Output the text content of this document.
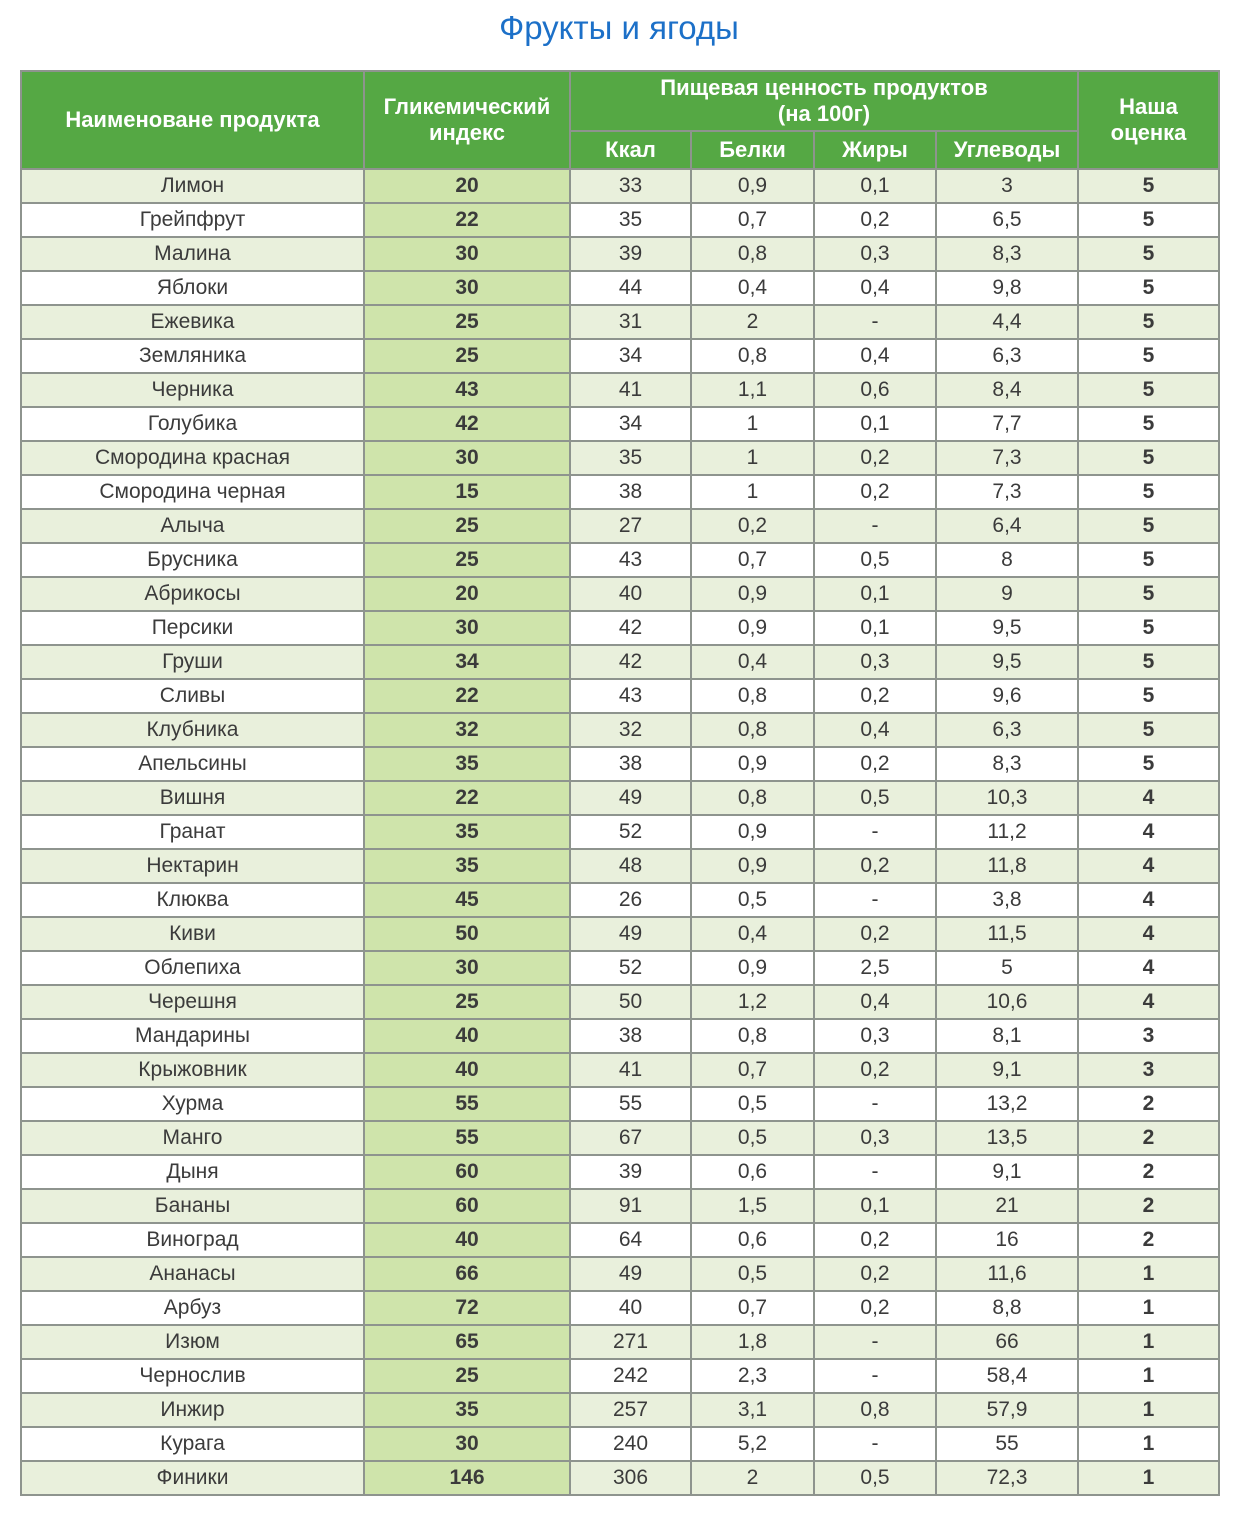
Фрукты и ягоды
Наименоване продукта	Гликемический индекс	Пищевая ценность продуктов
(на 100г)				Наша оценка
		Ккал	Белки	Жиры	Углеводы	
Лимон	20	33	0,9	0,1	3	5
Грейпфрут	22	35	0,7	0,2	6,5	5
Малина	30	39	0,8	0,3	8,3	5
Яблоки	30	44	0,4	0,4	9,8	5
Ежевика	25	31	2	-	4,4	5
Земляника	25	34	0,8	0,4	6,3	5
Черника	43	41	1,1	0,6	8,4	5
Голубика	42	34	1	0,1	7,7	5
Смородина красная	30	35	1	0,2	7,3	5
Смородина черная	15	38	1	0,2	7,3	5
Алыча	25	27	0,2	-	6,4	5
Брусника	25	43	0,7	0,5	8	5
Абрикосы	20	40	0,9	0,1	9	5
Персики	30	42	0,9	0,1	9,5	5
Груши	34	42	0,4	0,3	9,5	5
Сливы	22	43	0,8	0,2	9,6	5
Клубника	32	32	0,8	0,4	6,3	5
Апельсины	35	38	0,9	0,2	8,3	5
Вишня	22	49	0,8	0,5	10,3	4
Гранат	35	52	0,9	-	11,2	4
Нектарин	35	48	0,9	0,2	11,8	4
Клюква	45	26	0,5	-	3,8	4
Киви	50	49	0,4	0,2	11,5	4
Облепиха	30	52	0,9	2,5	5	4
Черешня	25	50	1,2	0,4	10,6	4
Мандарины	40	38	0,8	0,3	8,1	3
Крыжовник	40	41	0,7	0,2	9,1	3
Хурма	55	55	0,5	-	13,2	2
Манго	55	67	0,5	0,3	13,5	2
Дыня	60	39	0,6	-	9,1	2
Бананы	60	91	1,5	0,1	21	2
Виноград	40	64	0,6	0,2	16	2
Ананасы	66	49	0,5	0,2	11,6	1
Арбуз	72	40	0,7	0,2	8,8	1
Изюм	65	271	1,8	-	66	1
Чернослив	25	242	2,3	-	58,4	1
Инжир	35	257	3,1	0,8	57,9	1
Курага	30	240	5,2	-	55	1
Финики	146	306	2	0,5	72,3	1
